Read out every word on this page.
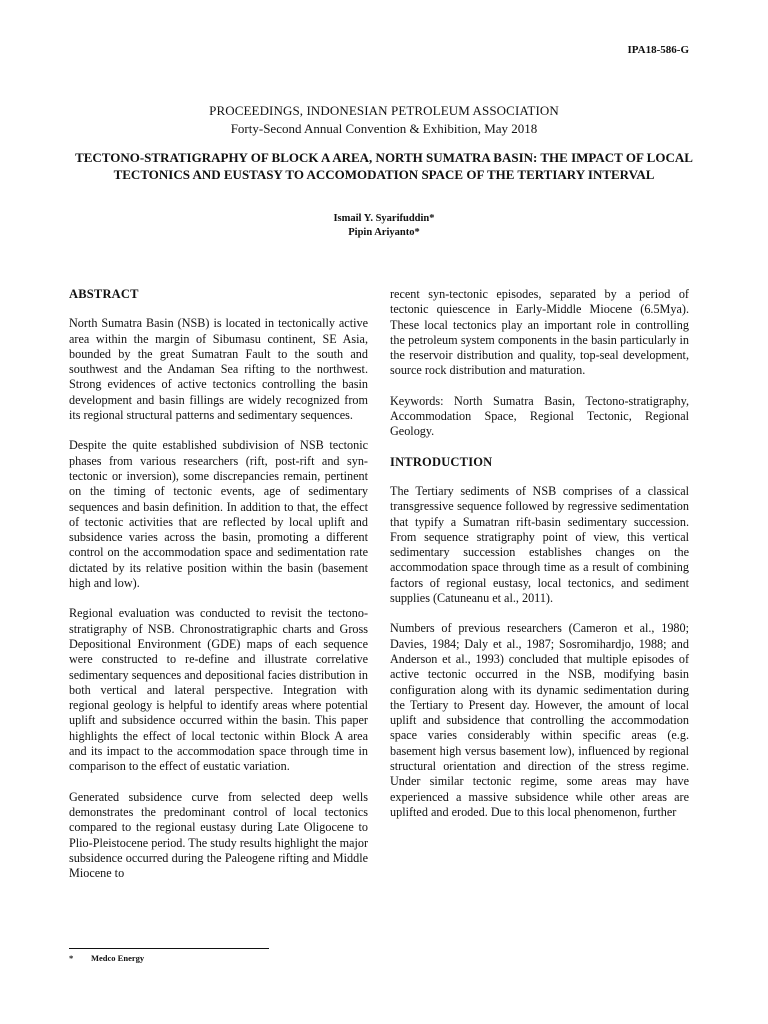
IPA18-586-G
PROCEEDINGS, INDONESIAN PETROLEUM ASSOCIATION
Forty-Second Annual Convention & Exhibition, May 2018
TECTONO-STRATIGRAPHY OF BLOCK A AREA, NORTH SUMATRA BASIN: THE IMPACT OF LOCAL TECTONICS AND EUSTASY TO ACCOMODATION SPACE OF THE TERTIARY INTERVAL
Ismail Y. Syarifuddin*
Pipin Ariyanto*
ABSTRACT

North Sumatra Basin (NSB) is located in tectonically active area within the margin of Sibumasu continent, SE Asia, bounded by the great Sumatran Fault to the south and southwest and the Andaman Sea rifting to the northwest. Strong evidences of active tectonics controlling the basin development and basin fillings are widely recognized from its regional structural patterns and sedimentary sequences.

Despite the quite established subdivision of NSB tectonic phases from various researchers (rift, post-rift and syn-tectonic or inversion), some discrepancies remain, pertinent on the timing of tectonic events, age of sedimentary sequences and basin definition. In addition to that, the effect of tectonic activities that are reflected by local uplift and subsidence varies across the basin, promoting a different control on the accommodation space and sedimentation rate dictated by its relative position within the basin (basement high and low).

Regional evaluation was conducted to revisit the tectono-stratigraphy of NSB. Chronostratigraphic charts and Gross Depositional Environment (GDE) maps of each sequence were constructed to re-define and illustrate correlative sedimentary sequences and depositional facies distribution in both vertical and lateral perspective. Integration with regional geology is helpful to identify areas where potential uplift and subsidence occurred within the basin. This paper highlights the effect of local tectonic within Block A area and its impact to the accommodation space through time in comparison to the effect of eustatic variation.

Generated subsidence curve from selected deep wells demonstrates the predominant control of local tectonics compared to the regional eustasy during Late Oligocene to Plio-Pleistocene period. The study results highlight the major subsidence occurred during the Paleogene rifting and Middle Miocene to

recent syn-tectonic episodes, separated by a period of tectonic quiescence in Early-Middle Miocene (6.5Mya). These local tectonics play an important role in controlling the petroleum system components in the basin particularly in the reservoir distribution and quality, top-seal development, source rock distribution and maturation.

Keywords: North Sumatra Basin, Tectono-stratigraphy, Accommodation Space, Regional Tectonic, Regional Geology.

INTRODUCTION

The Tertiary sediments of NSB comprises of a classical transgressive sequence followed by regressive sedimentation that typify a Sumatran rift-basin sedimentary succession. From sequence stratigraphy point of view, this vertical sedimentary succession establishes changes on the accommodation space through time as a result of combining factors of regional eustasy, local tectonics, and sediment supplies (Catuneanu et al., 2011).

Numbers of previous researchers (Cameron et al., 1980; Davies, 1984; Daly et al., 1987; Sosromihardjo, 1988; and Anderson et al., 1993) concluded that multiple episodes of active tectonic occurred in the NSB, modifying basin configuration along with its dynamic sedimentation during the Tertiary to Present day. However, the amount of local uplift and subsidence that controlling the accommodation space varies considerably within specific areas (e.g. basement high versus basement low), influenced by regional structural orientation and direction of the stress regime. Under similar tectonic regime, some areas may have experienced a massive subsidence while other areas are uplifted and eroded. Due to this local phenomenon, further

* Medco Energy
